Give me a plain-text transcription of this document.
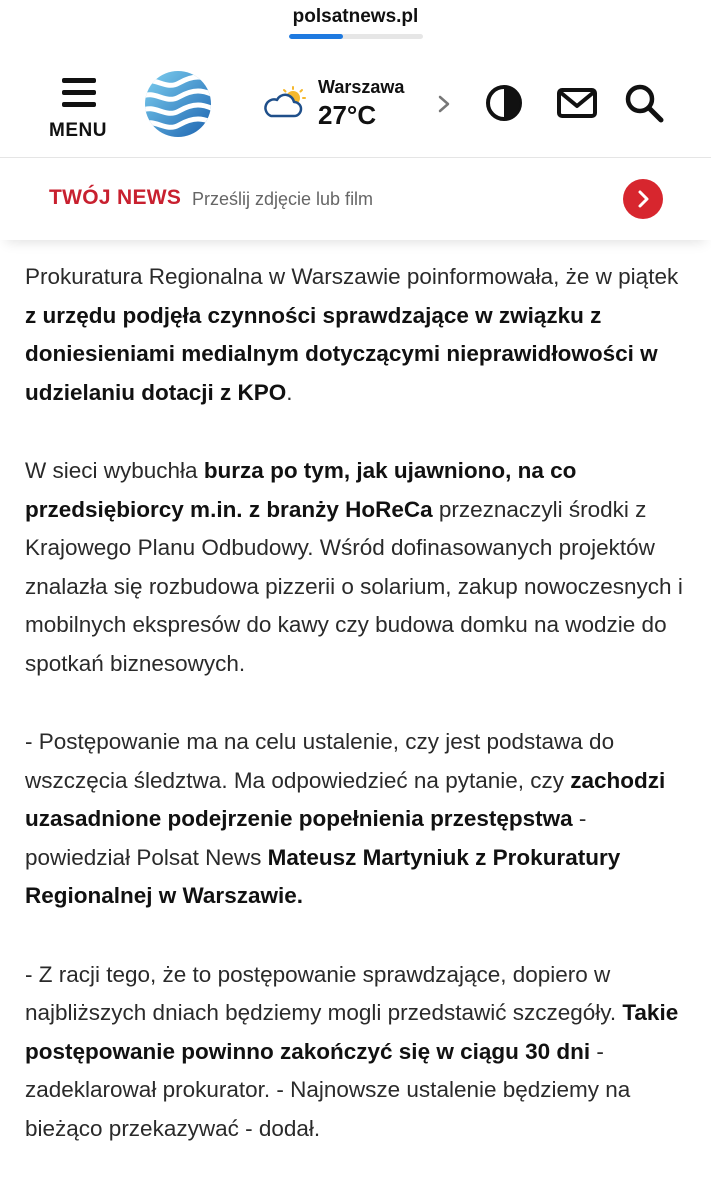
polsatnews.pl
MENU
Warszawa
27°C
TWÓJ NEWS Prześlij zdjęcie lub film

Prokuratura Regionalna w Warszawie poinformowała, że w piątek z urzędu podjęła czynności sprawdzające w związku z doniesieniami medialnym dotyczącymi nieprawidłowości w udzielaniu dotacji z KPO.

W sieci wybuchła burza po tym, jak ujawniono, na co przedsiębiorcy m.in. z branży HoReCa przeznaczyli środki z Krajowego Planu Odbudowy. Wśród dofinasowanych projektów znalazła się rozbudowa pizzerii o solarium, zakup nowoczesnych i mobilnych ekspresów do kawy czy budowa domku na wodzie do spotkań biznesowych.

- Postępowanie ma na celu ustalenie, czy jest podstawa do wszczęcia śledztwa. Ma odpowiedzieć na pytanie, czy zachodzi uzasadnione podejrzenie popełnienia przestępstwa - powiedział Polsat News Mateusz Martyniuk z Prokuratury Regionalnej w Warszawie.

- Z racji tego, że to postępowanie sprawdzające, dopiero w najbliższych dniach będziemy mogli przedstawić szczegóły. Takie postępowanie powinno zakończyć się w ciągu 30 dni - zadeklarował prokurator. - Najnowsze ustalenie będziemy na bieżąco przekazywać - dodał.
